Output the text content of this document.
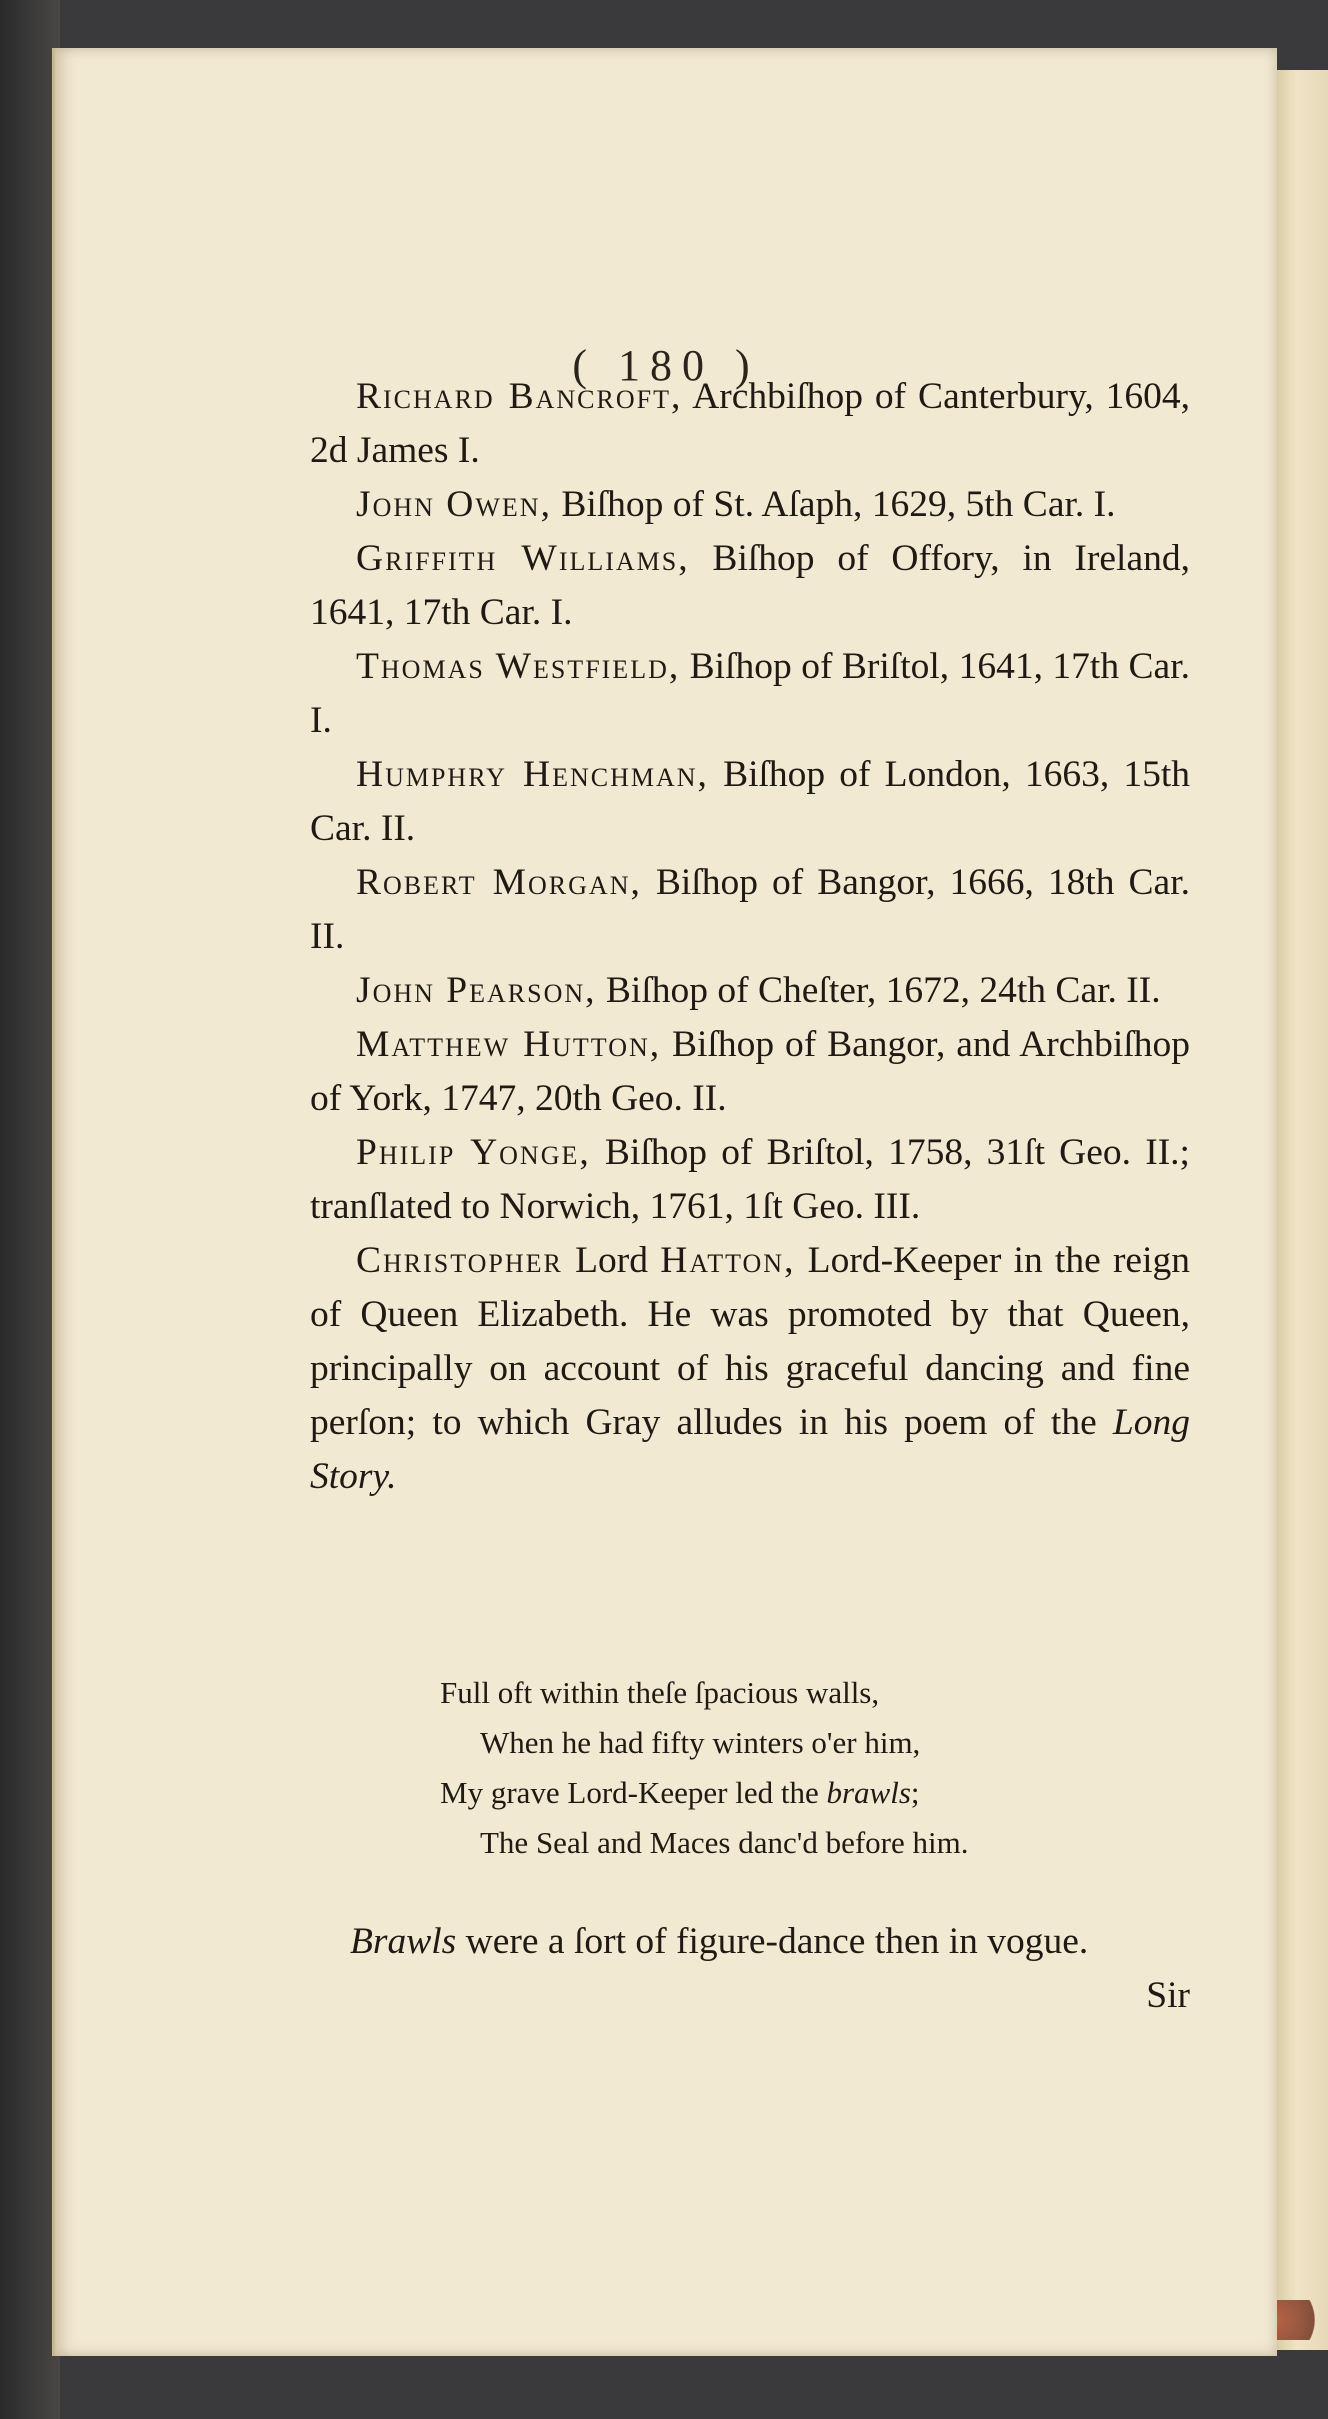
( 180 )

Richard Bancroft, Archbiſhop of Canterbury, 1604, 2d James I.

John Owen, Biſhop of St. Aſaph, 1629, 5th Car. I.

Griffith Williams, Biſhop of Offory, in Ireland, 1641, 17th Car. I.

Thomas Westfield, Biſhop of Briſtol, 1641, 17th Car. I.

Humphry Henchman, Biſhop of London, 1663, 15th Car. II.

Robert Morgan, Biſhop of Bangor, 1666, 18th Car. II.

John Pearson, Biſhop of Cheſter, 1672, 24th Car. II.

Matthew Hutton, Biſhop of Bangor, and Archbiſhop of York, 1747, 20th Geo. II.

Philip Yonge, Biſhop of Briſtol, 1758, 31ſt Geo. II.; tranſlated to Norwich, 1761, 1ſt Geo. III.

Christopher Lord Hatton, Lord-Keeper in the reign of Queen Elizabeth. He was promoted by that Queen, principally on account of his graceful dancing and fine perſon; to which Gray alludes in his poem of the Long Story.

Full oft within theſe ſpacious walls,
When he had fifty winters o'er him,
My grave Lord-Keeper led the brawls;
The Seal and Maces danc'd before him.

Brawls were a ſort of figure-dance then in vogue.

Sir
